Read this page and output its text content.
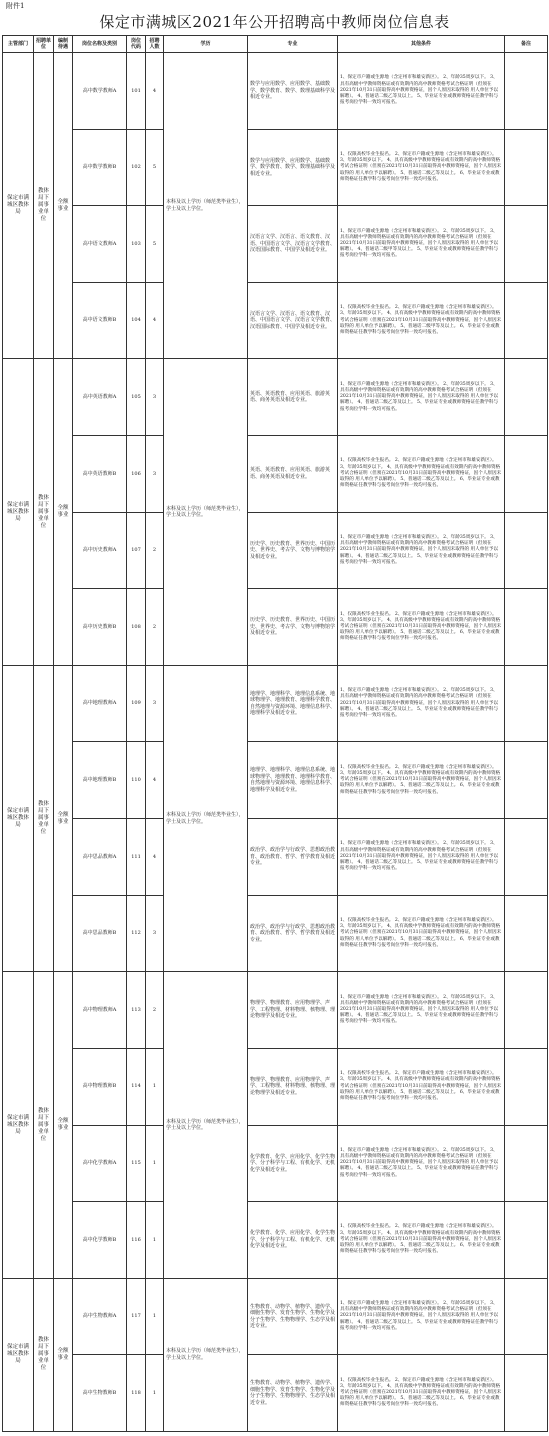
附件1
保定市满城区2021年公开招聘高中教师岗位信息表
主管部门	招聘单位	编制待遇	岗位名称及类别	岗位代码	招聘人数	学历	专业	其他条件	备注
保定市满城区教体局	教体局下属事业单位	全额事业	高中数学教师A	101	4	本科及以上学历（师范类毕业生），学士及以上学位。	数学与应用数学、应用数学、基础数学、数学教育、数学、数理基础科学及相近专业。	1、保定市户籍或生源地（含定州市和雄安新区）。 2、年龄35周岁以下。 3、具有高级中学教师资格证或有效期内的高中教师资格考试合格证明（但须在2021年10月31日前取得高中教师资格证，因个人原因未取得的 用人单位予以解聘）。 4、普通话二级乙等及以上。 5、毕业证专业或教师资格证任教学科与报考岗位学科一致均可报名。	
			高中数学教师B	102	5		数学与应用数学、应用数学、基础数学、数学教育、数学、数理基础科学及相近专业。	1、仅限高校毕业生报名。 2、保定市户籍或生源地（含定州市和雄安新区）。 3、年龄35周岁以下。 4、具有高级中学教师资格证或有效期内的高中教师资格考试合格证明（但须在2021年10月31日前取得高中教师资格证，因个人原因未取得的 用人单位予以解聘）。 5、普通话二级乙等及以上。 6、毕业证专业或教师资格证任教学科与报考岗位学科一致均可报名。	
			高中语文教师A	103	5		汉语言文学、汉语言、语文教育、汉语、中国语言文学、汉语言文学教育、汉语国际教育、中国学及相近专业。	1、保定市户籍或生源地（含定州市和雄安新区）。 2、年龄35周岁以下。 3、具有高级中学教师资格证或有效期内的高中教师资格考试合格证明（但须在2021年10月31日前取得高中教师资格证，因个人原因未取得的 用人单位予以解聘）。 4、普通话二级甲等及以上。 5、毕业证专业或教师资格证任教学科与报考岗位学科一致均可报名。	
			高中语文教师B	104	4		汉语言文学、汉语言、语文教育、汉语、中国语言文学、汉语言文学教育、汉语国际教育、中国学及相近专业。	1、仅限高校毕业生报名。 2、保定市户籍或生源地（含定州市和雄安新区）。 3、年龄35周岁以下。 4、具有高级中学教师资格证或有效期内的高中教师资格考试合格证明（但须在2021年10月31日前取得高中教师资格证，因个人原因未取得的 用人单位予以解聘）。 5、普通话二级甲等及以上。 6、毕业证专业或教师资格证任教学科与报考岗位学科一致均可报名。	
保定市满城区教体局	教体局下属事业单位	全额事业	高中英语教师A	105	3	本科及以上学历（师范类毕业生），学士及以上学位。	英语、英语教育、应用英语、旅游英语、商务英语及相近专业。	1、保定市户籍或生源地（含定州市和雄安新区）。 2、年龄35周岁以下。 3、具有高级中学教师资格证或有效期内的高中教师资格考试合格证明（但须在2021年10月31日前取得高中教师资格证，因个人原因未取得的 用人单位予以解聘）。 4、普通话二级乙等及以上。 5、毕业证专业或教师资格证任教学科与报考岗位学科一致均可报名。	
			高中英语教师B	106	3		英语、英语教育、应用英语、旅游英语、商务英语及相近专业。	1、仅限高校毕业生报名。 2、保定市户籍或生源地（含定州市和雄安新区）。 3、年龄35周岁以下。 4、具有高级中学教师资格证或有效期内的高中教师资格考试合格证明（但须在2021年10月31日前取得高中教师资格证，因个人原因未取得的 用人单位予以解聘）。 5、普通话二级乙等及以上。 6、毕业证专业或教师资格证任教学科与报考岗位学科一致均可报名。	
			高中历史教师A	107	2		历史学、历史教育、世界历史、中国历史、世界史、考古学、文物与博物馆学及相近专业。	1、保定市户籍或生源地（含定州市和雄安新区）。 2、年龄35周岁以下。 3、具有高级中学教师资格证或有效期内的高中教师资格考试合格证明（但须在2021年10月31日前取得高中教师资格证，因个人原因未取得的 用人单位予以解聘）。 4、普通话二级乙等及以上。 5、毕业证专业或教师资格证任教学科与报考岗位学科一致均可报名。	
			高中历史教师B	108	2		历史学、历史教育、世界历史、中国历史、世界史、考古学、文物与博物馆学及相近专业。	1、仅限高校毕业生报名。 2、保定市户籍或生源地（含定州市和雄安新区）。 3、年龄35周岁以下。 4、具有高级中学教师资格证或有效期内的高中教师资格考试合格证明（但须在2021年10月31日前取得高中教师资格证，因个人原因未取得的 用人单位予以解聘）。 5、普通话二级乙等及以上。 6、毕业证专业或教师资格证任教学科与报考岗位学科一致均可报名。	
保定市满城区教体局	教体局下属事业单位	全额事业	高中地理教师A	109	3	本科及以上学历（师范类毕业生），学士及以上学位。	地理学、地理科学、地理信息系统、地球物理学、地理教育、地理科学教育、自然地理与资源环境、地理信息科学、地理科学及相近专业。	1、保定市户籍或生源地（含定州市和雄安新区）。 2、年龄35周岁以下。 3、具有高级中学教师资格证或有效期内的高中教师资格考试合格证明（但须在2021年10月31日前取得高中教师资格证，因个人原因未取得的 用人单位予以解聘）。 4、普通话二级乙等及以上。 5、毕业证专业或教师资格证任教学科与报考岗位学科一致均可报名。	
			高中地理教师B	110	4		地理学、地理科学、地理信息系统、地球物理学、地理教育、地理科学教育、自然地理与资源环境、地理信息科学、地理科学及相近专业。	1、仅限高校毕业生报名。 2、保定市户籍或生源地（含定州市和雄安新区）。 3、年龄35周岁以下。 4、具有高级中学教师资格证或有效期内的高中教师资格考试合格证明（但须在2021年10月31日前取得高中教师资格证，因个人原因未取得的 用人单位予以解聘）。 5、普通话二级乙等及以上。 6、毕业证专业或教师资格证任教学科与报考岗位学科一致均可报名。	
			高中思品教师A	111	4		政治学、政治学与行政学、思想政治教育、政治教育、哲学、哲学教育及相近专业。	1、保定市户籍或生源地（含定州市和雄安新区）。 2、年龄35周岁以下。 3、具有高级中学教师资格证或有效期内的高中教师资格考试合格证明（但须在2021年10月31日前取得高中教师资格证，因个人原因未取得的 用人单位予以解聘）。 4、普通话二级乙等及以上。 5、毕业证专业或教师资格证任教学科与报考岗位学科一致均可报名。	
			高中思品教师B	112	3		政治学、政治学与行政学、思想政治教育、政治教育、哲学、哲学教育及相近专业。	1、仅限高校毕业生报名。 2、保定市户籍或生源地（含定州市和雄安新区）。 3、年龄35周岁以下。 4、具有高级中学教师资格证或有效期内的高中教师资格考试合格证明（但须在2021年10月31日前取得高中教师资格证，因个人原因未取得的 用人单位予以解聘）。 5、普通话二级乙等及以上。 6、毕业证专业或教师资格证任教学科与报考岗位学科一致均可报名。	
保定市满城区教体局	教体局下属事业单位	全额事业	高中物理教师A	113	2	本科及以上学历（师范类毕业生），学士及以上学位。	物理学、物理教育、应用物理学、声学、工程物理、材料物理、核物理、理论物理学及相近专业。	1、保定市户籍或生源地（含定州市和雄安新区）。 2、年龄35周岁以下。 3、具有高级中学教师资格证或有效期内的高中教师资格考试合格证明（但须在2021年10月31日前取得高中教师资格证，因个人原因未取得的 用人单位予以解聘）。 4、普通话二级乙等及以上。 5、毕业证专业或教师资格证任教学科与报考岗位学科一致均可报名。	
			高中物理教师B	114	1		物理学、物理教育、应用物理学、声学、工程物理、材料物理、核物理、理论物理学及相近专业。	1、仅限高校毕业生报名。 2、保定市户籍或生源地（含定州市和雄安新区）。 3、年龄35周岁以下。 4、具有高级中学教师资格证或有效期内的高中教师资格考试合格证明（但须在2021年10月31日前取得高中教师资格证，因个人原因未取得的 用人单位予以解聘）。 5、普通话二级乙等及以上。 6、毕业证专业或教师资格证任教学科与报考岗位学科一致均可报名。	
			高中化学教师A	115	1		化学教育、化学、应用化学、化学生物学、分子科学与工程、有机化学、无机化学及相近专业。	1、保定市户籍或生源地（含定州市和雄安新区）。 2、年龄35周岁以下。 3、具有高级中学教师资格证或有效期内的高中教师资格考试合格证明（但须在2021年10月31日前取得高中教师资格证，因个人原因未取得的 用人单位予以解聘）。 4、普通话二级乙等及以上。 5、毕业证专业或教师资格证任教学科与报考岗位学科一致均可报名。	
			高中化学教师B	116	1		化学教育、化学、应用化学、化学生物学、分子科学与工程、有机化学、无机化学及相近专业。	1、仅限高校毕业生报名。 2、保定市户籍或生源地（含定州市和雄安新区）。 3、年龄35周岁以下。 4、具有高级中学教师资格证或有效期内的高中教师资格考试合格证明（但须在2021年10月31日前取得高中教师资格证，因个人原因未取得的 用人单位予以解聘）。 5、普通话二级乙等及以上。 6、毕业证专业或教师资格证任教学科与报考岗位学科一致均可报名。	
保定市满城区教体局	教体局下属事业单位	全额事业	高中生物教师A	117	1	本科及以上学历（师范类毕业生），学士及以上学位。	生物教育、动物学、植物学、遗传学、细胞生物学、发育生物学、生物化学及分子生物学、生物物理学、生态学及相近专业。	1、保定市户籍或生源地（含定州市和雄安新区）。 2、年龄35周岁以下。 3、具有高级中学教师资格证或有效期内的高中教师资格考试合格证明（但须在2021年10月31日前取得高中教师资格证，因个人原因未取得的 用人单位予以解聘）。 4、普通话二级乙等及以上。 5、毕业证专业或教师资格证任教学科与报考岗位学科一致均可报名。	
			高中生物教师B	118	1		生物教育、动物学、植物学、遗传学、细胞生物学、发育生物学、生物化学及分子生物学、生物物理学、生态学及相近专业。	1、仅限高校毕业生报名。 2、保定市户籍或生源地（含定州市和雄安新区）。 3、年龄35周岁以下。 4、具有高级中学教师资格证或有效期内的高中教师资格考试合格证明（但须在2021年10月31日前取得高中教师资格证，因个人原因未取得的 用人单位予以解聘）。 5、普通话二级乙等及以上。 6、毕业证专业或教师资格证任教学科与报考岗位学科一致均可报名。	
